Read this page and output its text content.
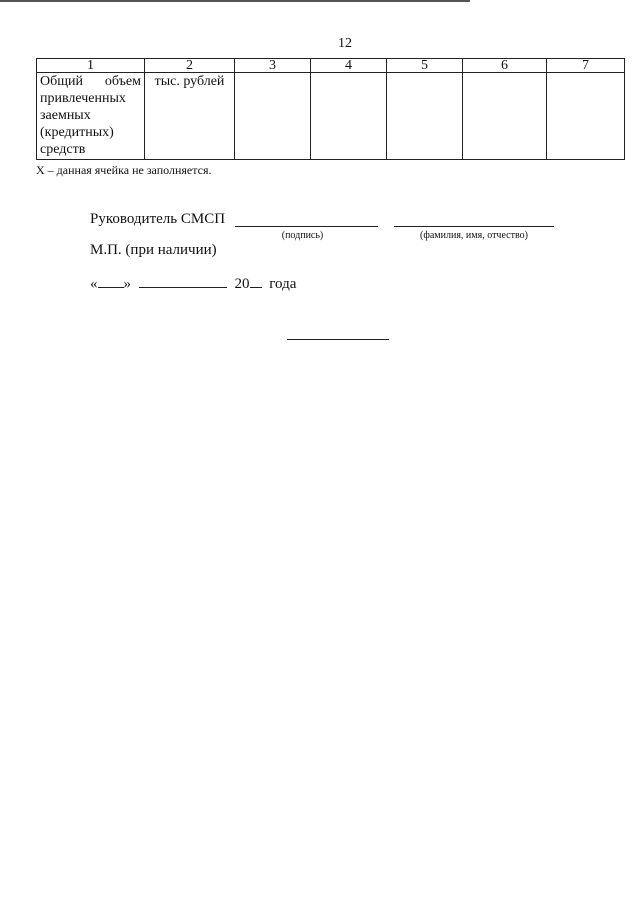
12
1	2	3	4	5	6	7
Общий объем привлеченных заемных (кредитных) средств	тыс. рублей					
Х – данная ячейка не заполняется.
Руководитель СМСП
(подпись)	(фамилия, имя, отчество)
М.П. (при наличии)
« »	20 года
